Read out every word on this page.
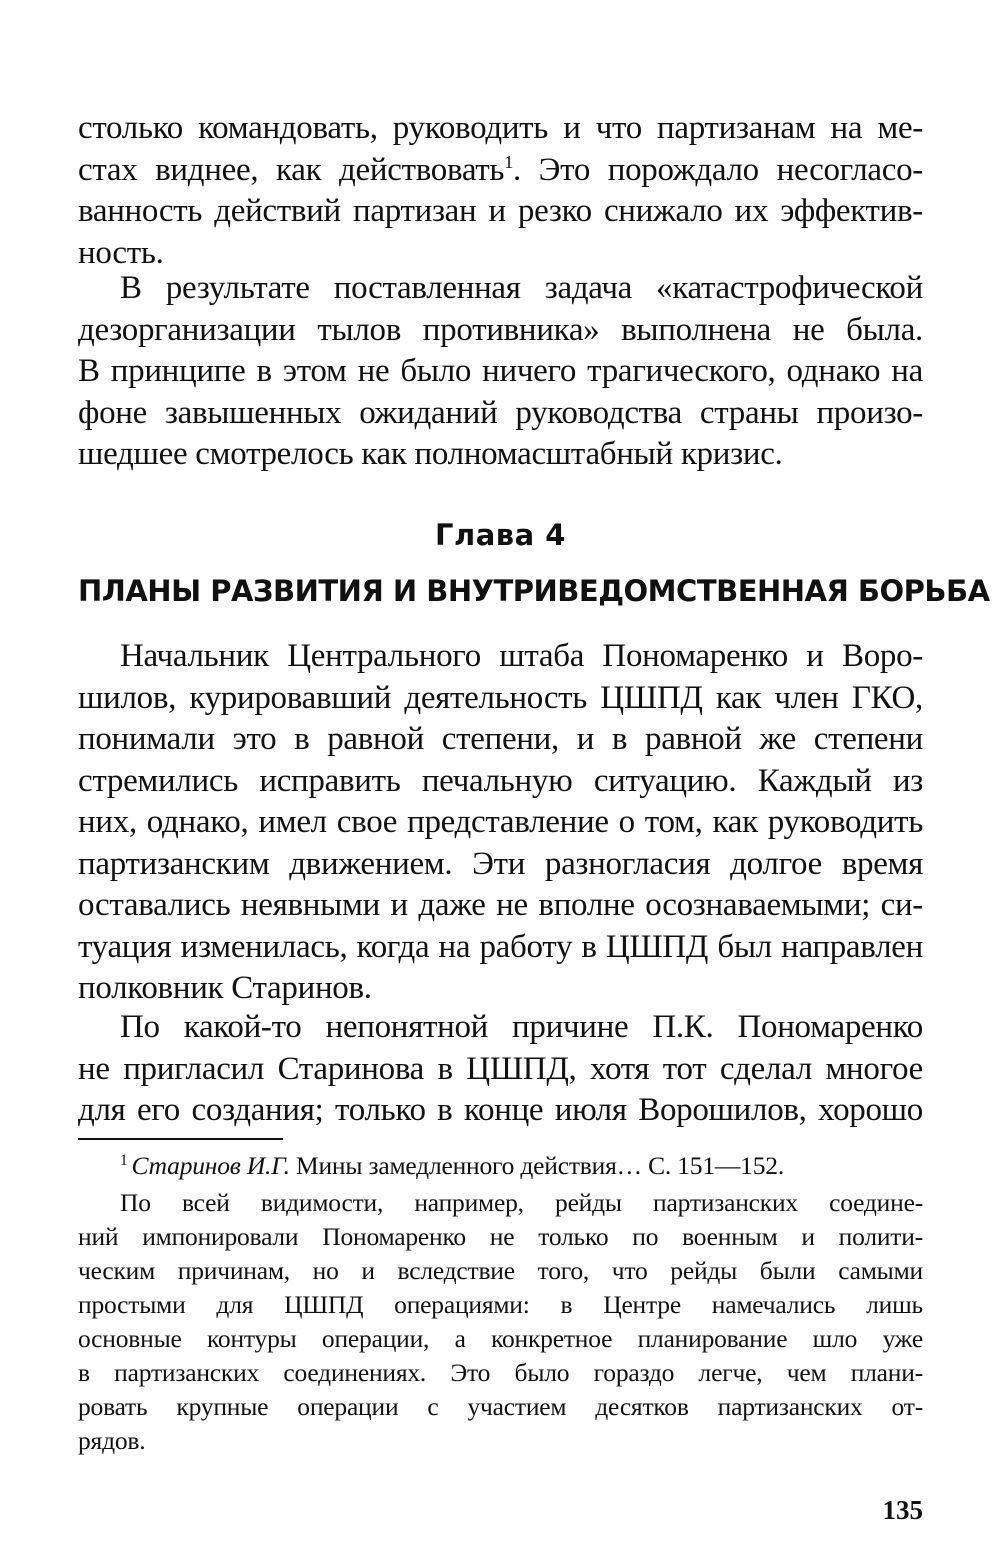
столько командовать, руководить и что партизанам на ме-
стах виднее, как действовать$^1$. Это порождало несогласо-
ванность действий партизан и резко снижало их эффектив-
ность.
В результате поставленная задача «катастрофической
дезорганизации тылов противника» выполнена не была.
В принципе в этом не было ничего трагического, однако на
фоне завышенных ожиданий руководства страны произо-
шедшее смотрелось как полномасштабный кризис.
Глава 4
ПЛАНЫ РАЗВИТИЯ И ВНУТРИВЕДОМСТВЕННАЯ БОРЬБА
Начальник Центрального штаба Пономаренко и Воро-
шилов, курировавший деятельность ЦШПД как член ГКО,
понимали это в равной степени, и в равной же степени
стремились исправить печальную ситуацию. Каждый из
них, однако, имел свое представление о том, как руководить
партизанским движением. Эти разногласия долгое время
оставались неявными и даже не вполне осознаваемыми; си-
туация изменилась, когда на работу в ЦШПД был направлен
полковник Старинов.
По какой-то непонятной причине П.К. Пономаренко
не пригласил Старинова в ЦШПД, хотя тот сделал многое
для его создания; только в конце июля Ворошилов, хорошо
$^1$ Старинов И.Г. Мины замедленного действия… С. 151—152.
По всей видимости, например, рейды партизанских соедине-
ний импонировали Пономаренко не только по военным и полити-
ческим причинам, но и вследствие того, что рейды были самыми
простыми для ЦШПД операциями: в Центре намечались лишь
основные контуры операции, а конкретное планирование шло уже
в партизанских соединениях. Это было гораздо легче, чем плани-
ровать крупные операции с участием десятков партизанских от-
рядов.
135
